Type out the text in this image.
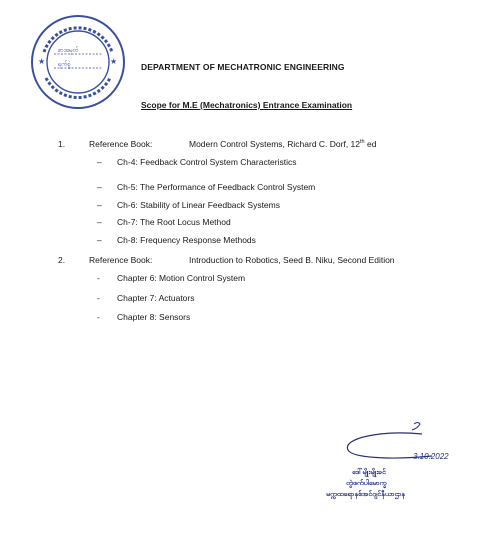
စာအမှတ်
ရက်စွဲ
★	★
DEPARTMENT OF MECHATRONIC ENGINEERING
Scope for M.E (Mechatronics) Entrance Examination
1.	Reference Book:	Modern Control Systems, Richard C. Dorf, 12th ed
– Ch-4: Feedback Control System Characteristics
– Ch-5: The Performance of Feedback Control System
– Ch-6: Stability of Linear Feedback Systems
– Ch-7: The Root Locus Method
– Ch-8: Frequency Response Methods
2.	Reference Book:	Introduction to Robotics, Seed B. Niku, Second Edition
- Chapter 6: Motion Control System
- Chapter 7: Actuators
- Chapter 8: Sensors
3.10.2022
ဒေါ်မျိုးမျိုးခင်
တွဲဖက်ပါမောက္ခ
မက္ကထရောနစ်အင်ဂျင်နီယာဌာန
